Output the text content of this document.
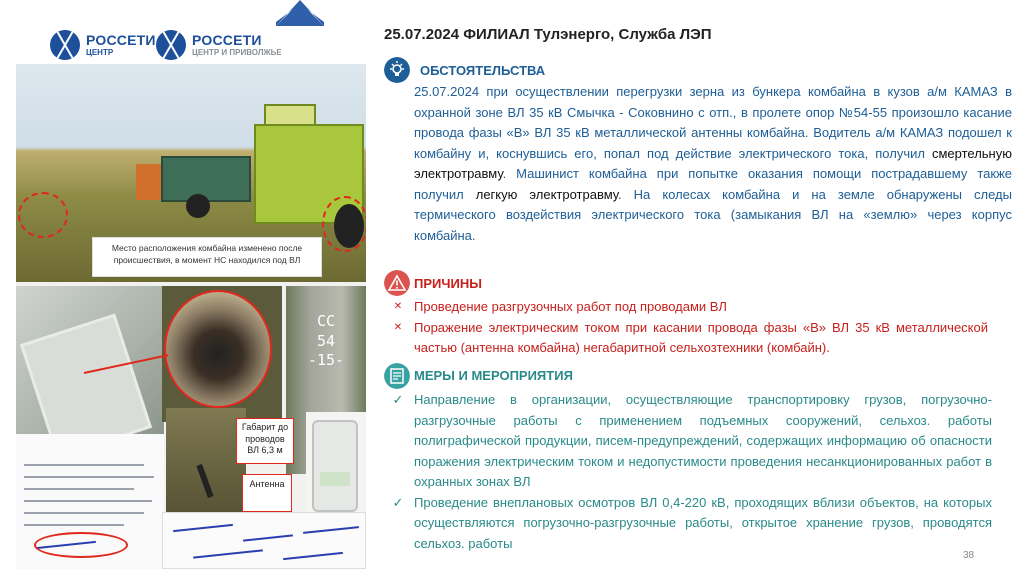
РОССЕТИ
ЦЕНТР
РОССЕТИ
ЦЕНТР И ПРИВОЛЖЬЕ
Место расположения комбайна изменено после происшествия, в момент НС находился под ВЛ
СС 54 -15-
Габарит до проводов ВЛ 6,3 м
Антенна
25.07.2024 ФИЛИАЛ Тулэнерго, Служба ЛЭП
ОБСТОЯТЕЛЬСТВА
25.07.2024 при осуществлении перегрузки зерна из бункера комбайна в кузов а/м КАМАЗ в охранной зоне ВЛ 35 кВ Смычка - Соковнино с отп., в пролете опор №54-55 произошло касание провода фазы «В» ВЛ 35 кВ металлической антенны комбайна. Водитель а/м КАМАЗ подошел к комбайну и, коснувшись его, попал под действие электрического тока, получил смертельную электротравму. Машинист комбайна при попытке оказания помощи пострадавшему также получил легкую электротравму. На колесах комбайна и на земле обнаружены следы термического воздействия электрического тока (замыкания ВЛ на «землю» через корпус комбайна.
ПРИЧИНЫ
✕ Проведение разгрузочных работ под проводами ВЛ
✕ Поражение электрическим током при касании провода фазы «В» ВЛ 35 кВ металлической частью (антенна комбайна) негабаритной сельхозтехники (комбайн).
МЕРЫ И МЕРОПРИЯТИЯ
✓ Направление в организации, осуществляющие транспортировку грузов, погрузочно-разгрузочные работы с применением подъемных сооружений, сельхоз. работы полиграфической продукции, писем-предупреждений, содержащих информацию об опасности поражения электрическим током и недопустимости проведения несанкционированных работ в охранных зонах ВЛ
✓ Проведение внеплановых осмотров ВЛ 0,4-220 кВ, проходящих вблизи объектов, на которых осуществляются погрузочно-разгрузочные работы, открытое хранение грузов, проводятся сельхоз. работы
38
